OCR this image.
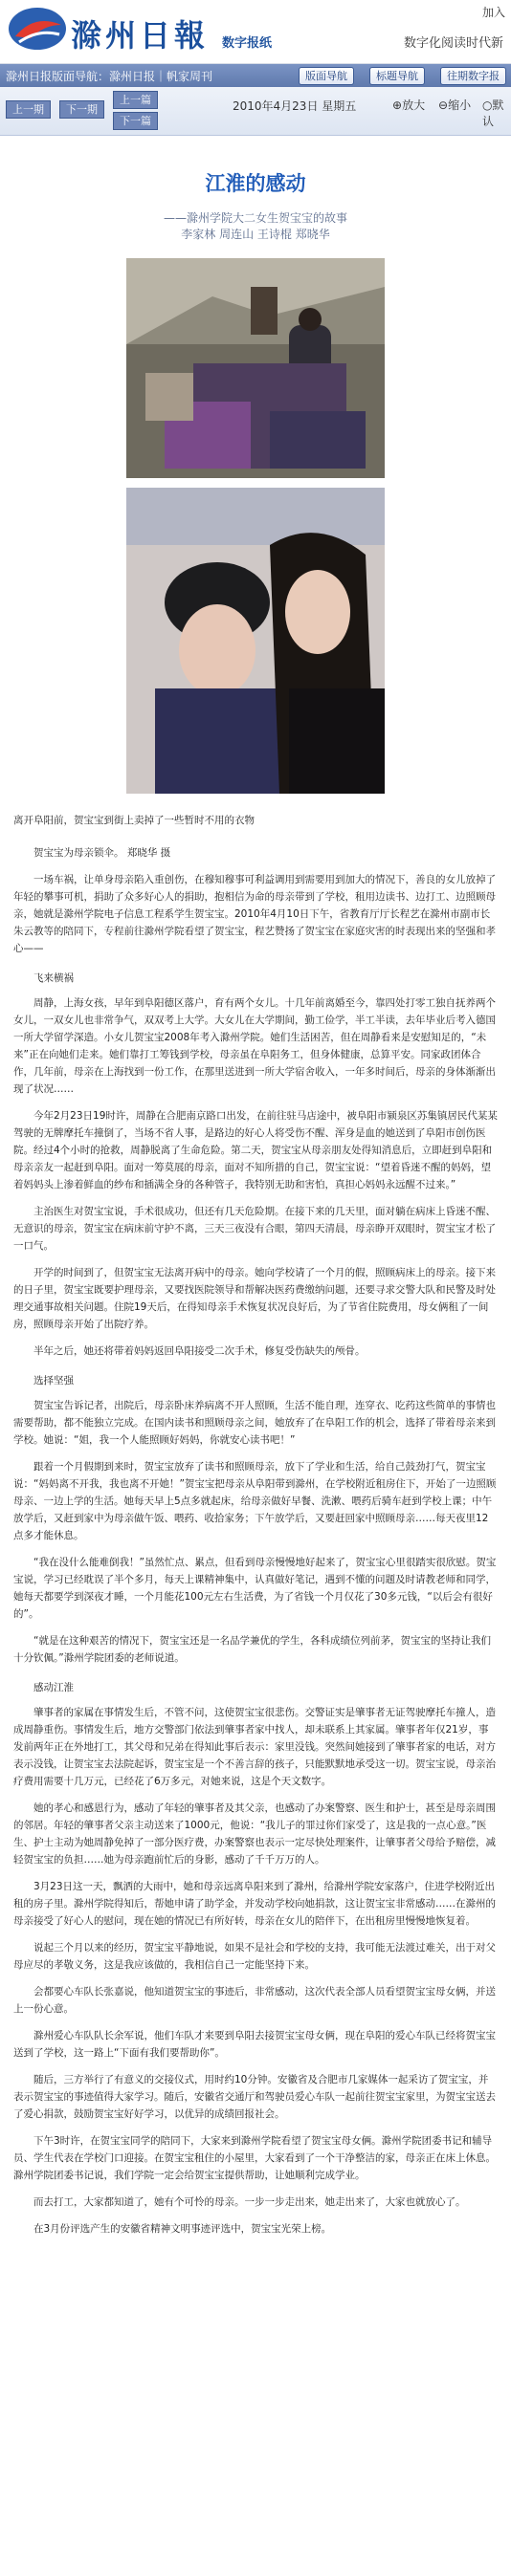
滁州日報 数字报纸
加入
数字化阅读时代新
滁州日报版面导航：滁州日报｜帆家周刊	版面导航	标题导航	往期数字报
上一期	下一期
上一篇
下一篇
2010年4月23日 星期五	⊕放大 ⊖缩小 ○默认
江淮的感动
——滁州学院大二女生贺宝宝的故事
李家林 周连山 王诗棍 郑晓华
离开阜阳前，贺宝宝到街上卖掉了一些暂时不用的衣物

贺宝宝为母亲锁伞。 郑晓华 摄

一场车祸，让单身母亲陷入重创伤，在穆知穆事可利益调用到需要用到加大的情况下，善良的女儿放掉了年轻的攀事可机，捐助了众多好心人的捐助，抱相信为命的母亲带到了学校，租用边读书、边打工、边照顾母亲，她就是滁州学院电子信息工程系学生贺宝宝。2010年4月10日下午，省教育厅厅长程艺在滁州市副市长朱云教等的陪同下，专程前往滁州学院看望了贺宝宝，程艺赞扬了贺宝宝在家庭灾害的时表现出来的坚强和孝心——

飞来横祸

周静，上海女孩，早年到阜阳德区落户，育有两个女儿。十几年前离婚至今，靠四处打零工独自抚养两个女儿，一双女儿也非常争气，双双考上大学。大女儿在大学期间，勤工俭学，半工半读，去年毕业后考入德国一所大学留学深造。小女儿贺宝宝2008年考入滁州学院。她们生活困苦，但在周静看来是安慰知足的，“未来”正在向她们走来。她们靠打工筹钱到学校，母亲虽在阜阳务工，但身体健康，总算平安。同家政团体合作，几年前，母亲在上海找到一份工作，在那里送进到一所大学宿舍收入，一年多时间后，母亲的身体渐渐出现了状况……

今年2月23日19时许，周静在合肥南京路口出发，在前往驻马店途中，被阜阳市颍泉区苏集镇居民代某某驾驶的无牌摩托车撞倒了，当场不省人事，是路边的好心人将受伤不醒、浑身是血的她送到了阜阳市创伤医院。经过4个小时的抢救，周静脱离了生命危险。第二天，贺宝宝从母亲朋友处得知消息后，立即赶到阜阳和母亲亲友一起赶到阜阳。面对一筹莫展的母亲，面对不知所措的自己，贺宝宝说：“望着昏迷不醒的妈妈，望着妈妈头上渗着鲜血的纱布和插满全身的各种管子，我特别无助和害怕，真担心妈妈永远醒不过来。”

主治医生对贺宝宝说，手术很成功，但还有几天危险期。在接下来的几天里，面对躺在病床上昏迷不醒、无意识的母亲，贺宝宝在病床前守护不离，三天三夜没有合眼，第四天清晨，母亲睁开双眼时，贺宝宝才松了一口气。

开学的时间到了，但贺宝宝无法离开病中的母亲。她向学校请了一个月的假，照顾病床上的母亲。接下来的日子里，贺宝宝既要护理母亲，又要找医院领导和帮解决医药费缴纳问题，还要寻求交警大队和民警及时处理交通事故相关问题。住院19天后，在得知母亲手术恢复状况良好后，为了节省住院费用，母女俩租了一间房，照顾母亲开始了出院疗养。

半年之后，她还将带着妈妈返回阜阳接受二次手术，修复受伤缺失的颅骨。

选择坚强

贺宝宝告诉记者，出院后，母亲卧床养病离不开人照顾，生活不能自理，连穿衣、吃药这些简单的事情也需要帮助，都不能独立完成。在国内读书和照顾母亲之间，她放弃了在阜阳工作的机会，选择了带着母亲来到学校。她说：“姐，我一个人能照顾好妈妈，你就安心读书吧！”

跟着一个月假期到来时，贺宝宝放弃了读书和照顾母亲，放下了学业和生活，给自己鼓劲打气，贺宝宝说：“妈妈离不开我，我也离不开她！”贺宝宝把母亲从阜阳带到滁州，在学校附近租房住下，开始了一边照顾母亲、一边上学的生活。她每天早上5点多就起床，给母亲做好早餐、洗漱、喂药后骑车赶到学校上课；中午放学后，又赶到家中为母亲做午饭、喂药、收拾家务；下午放学后，又要赶回家中照顾母亲……每天夜里12点多才能休息。

“我在没什么能难倒我！”虽然忙点、累点，但看到母亲慢慢地好起来了，贺宝宝心里很踏实很欣慰。贺宝宝说，学习已经耽误了半个多月，每天上课精神集中，认真做好笔记，遇到不懂的问题及时请教老师和同学，她每天都要学到深夜才睡，一个月能花100元左右生活费，为了省钱一个月仅花了30多元钱，“以后会有很好的”。

“就是在这种艰苦的情况下，贺宝宝还是一名品学兼优的学生，各科成绩位列前茅，贺宝宝的坚持让我们十分钦佩。”滁州学院团委的老师说道。

感动江淮

肇事者的家属在事情发生后，不管不问，这使贺宝宝很悲伤。交警证实是肇事者无证驾驶摩托车撞人，造成周静重伤。事情发生后，地方交警部门依法到肇事者家中找人，却未联系上其家属。肇事者年仅21岁，事发前两年正在外地打工，其父母和兄弟在得知此事后表示：家里没钱。突然间她接到了肇事者家的电话，对方表示没钱，让贺宝宝去法院起诉，贺宝宝是一个不善言辞的孩子，只能默默地承受这一切。贺宝宝说，母亲治疗费用需要十几万元，已经花了6万多元，对她来说，这是个天文数字。

她的孝心和感恩行为，感动了年轻的肇事者及其父亲，也感动了办案警察、医生和护士，甚至是母亲周围的邻居。年轻的肇事者父亲主动送来了1000元，他说：“我儿子的罪过你们家受了，这是我的一点心意。”医生、护士主动为她周静免掉了一部分医疗费，办案警察也表示一定尽快处理案件，让肇事者父母给予赔偿，减轻贺宝宝的负担……她为母亲跑前忙后的身影，感动了千千万万的人。

3月23日这一天，飘洒的大雨中，她和母亲远离阜阳来到了滁州，给滁州学院安家落户，住进学校附近出租的房子里。滁州学院得知后，帮她申请了助学金，并发动学校向她捐款，这让贺宝宝非常感动……在滁州的母亲接受了好心人的慰问，现在她的情况已有所好转，母亲在女儿的陪伴下，在出租房里慢慢地恢复着。

说起三个月以来的经历，贺宝宝平静地说，如果不是社会和学校的支持，我可能无法渡过难关，出于对父母应尽的孝敬义务，这是我应该做的，我相信自己一定能坚持下来。

会都要心车队长张嘉说，他知道贺宝宝的事迹后，非常感动，这次代表全部人员看望贺宝宝母女俩，并送上一份心意。

滁州爱心车队队长余军说，他们车队才来要到阜阳去接贺宝宝母女俩，现在阜阳的爱心车队已经将贺宝宝送到了学校，这一路上“下面有我们要帮助你”。

随后，三方举行了有意义的交接仪式，用时约10分钟。安徽省及合肥市几家媒体一起采访了贺宝宝，并表示贺宝宝的事迹值得大家学习。随后，安徽省交通厅和驾驶员爱心车队一起前往贺宝宝家里，为贺宝宝送去了爱心捐款，鼓励贺宝宝好好学习，以优异的成绩回报社会。

下午3时许，在贺宝宝同学的陪同下，大家来到滁州学院看望了贺宝宝母女俩。滁州学院团委书记和辅导员、学生代表在学校门口迎接。在贺宝宝租住的小屋里，大家看到了一个干净整洁的家，母亲正在床上休息。滁州学院团委书记说，我们学院一定会给贺宝宝提供帮助，让她顺利完成学业。

而去打工，大家都知道了，她有个可怜的母亲。一步一步走出来，她走出来了，大家也就放心了。

在3月份评选产生的安徽省精神文明事迹评选中，贺宝宝光荣上榜。
